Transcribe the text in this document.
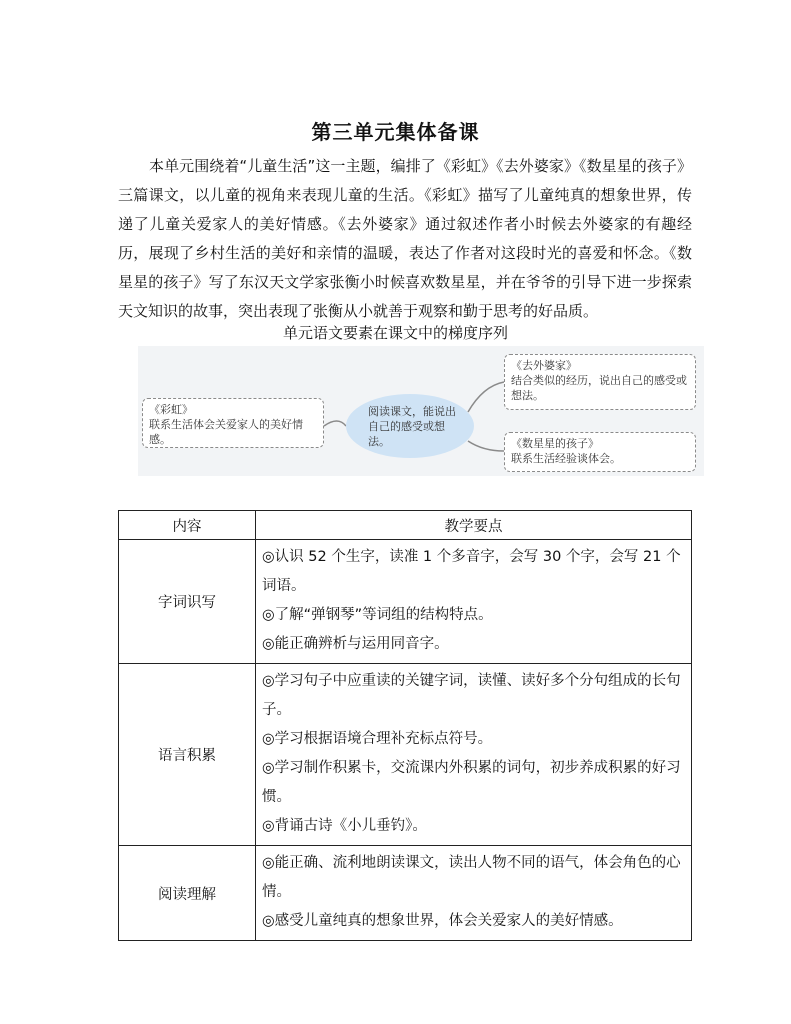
第三单元集体备课
本单元围绕着“儿童生活”这一主题，编排了《彩虹》《去外婆家》《数星星的孩子》三篇课文，以儿童的视角来表现儿童的生活。《彩虹》描写了儿童纯真的想象世界，传递了儿童关爱家人的美好情感。《去外婆家》通过叙述作者小时候去外婆家的有趣经历，展现了乡村生活的美好和亲情的温暖，表达了作者对这段时光的喜爱和怀念。《数星星的孩子》写了东汉天文学家张衡小时候喜欢数星星，并在爷爷的引导下进一步探索天文知识的故事，突出表现了张衡从小就善于观察和勤于思考的好品质。
单元语文要素在课文中的梯度序列
《彩虹》
联系生活体会关爱家人的美好情感。
阅读课文，能说出自己的感受或想法。
《去外婆家》
结合类似的经历，说出自己的感受或想法。
《数星星的孩子》
联系生活经验谈体会。
内容	教学要点
字词识写	◎认识 52 个生字，读准 1 个多音字，会写 30 个字，会写 21 个词语。
◎了解“弹钢琴”等词组的结构特点。
◎能正确辨析与运用同音字。

语言积累	◎学习句子中应重读的关键字词，读懂、读好多个分句组成的长句子。
◎学习根据语境合理补充标点符号。
◎学习制作积累卡，交流课内外积累的词句，初步养成积累的好习惯。
◎背诵古诗《小儿垂钓》。

阅读理解	◎能正确、流利地朗读课文，读出人物不同的语气，体会角色的心情。
◎感受儿童纯真的想象世界，体会关爱家人的美好情感。
